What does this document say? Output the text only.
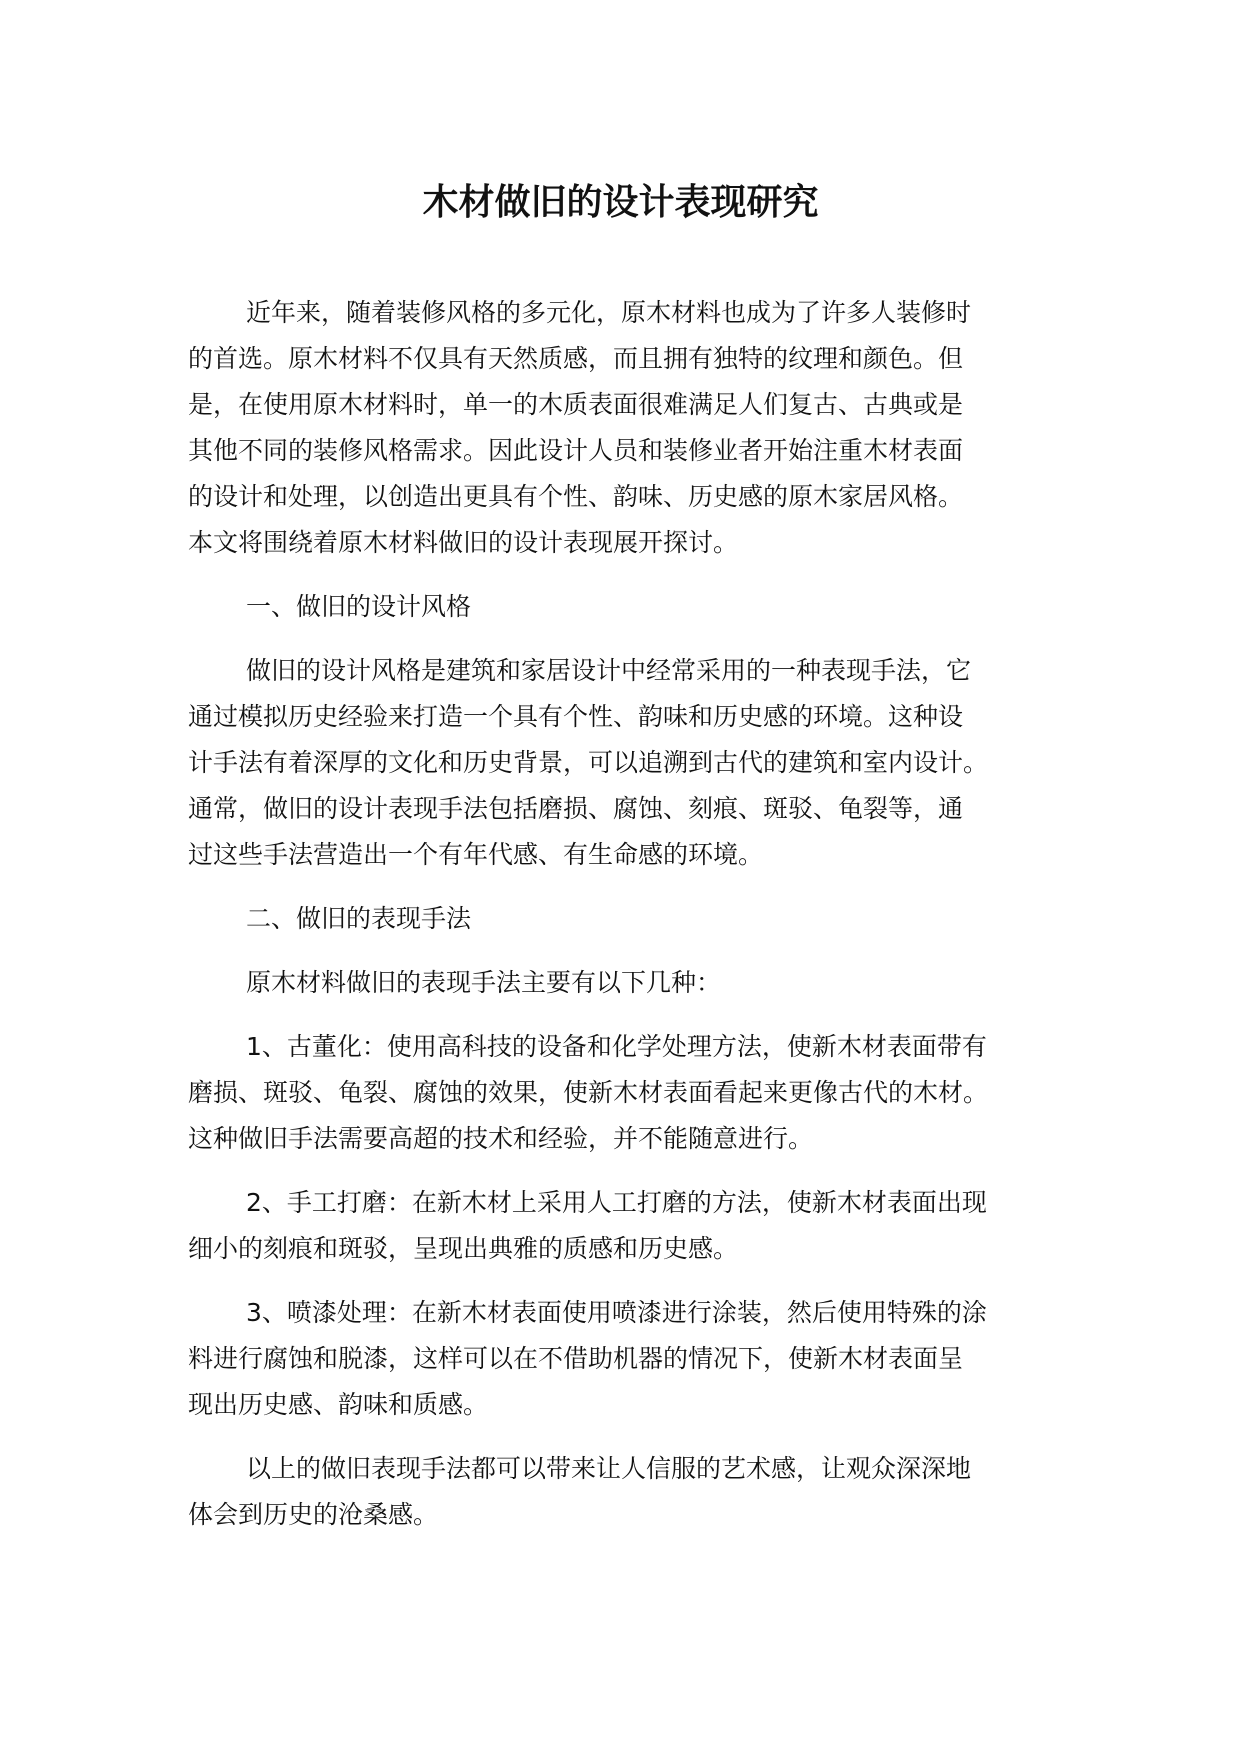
木材做旧的设计表现研究

近年来，随着装修风格的多元化，原木材料也成为了许多人装修时
的首选。原木材料不仅具有天然质感，而且拥有独特的纹理和颜色。但
是，在使用原木材料时，单一的木质表面很难满足人们复古、古典或是
其他不同的装修风格需求。因此设计人员和装修业者开始注重木材表面
的设计和处理，以创造出更具有个性、韵味、历史感的原木家居风格。
本文将围绕着原木材料做旧的设计表现展开探讨。

一、做旧的设计风格

做旧的设计风格是建筑和家居设计中经常采用的一种表现手法，它
通过模拟历史经验来打造一个具有个性、韵味和历史感的环境。这种设
计手法有着深厚的文化和历史背景，可以追溯到古代的建筑和室内设计。
通常，做旧的设计表现手法包括磨损、腐蚀、刻痕、斑驳、龟裂等，通
过这些手法营造出一个有年代感、有生命感的环境。

二、做旧的表现手法

原木材料做旧的表现手法主要有以下几种：

1、古董化：使用高科技的设备和化学处理方法，使新木材表面带有
磨损、斑驳、龟裂、腐蚀的效果，使新木材表面看起来更像古代的木材。
这种做旧手法需要高超的技术和经验，并不能随意进行。

2、手工打磨：在新木材上采用人工打磨的方法，使新木材表面出现
细小的刻痕和斑驳，呈现出典雅的质感和历史感。

3、喷漆处理：在新木材表面使用喷漆进行涂装，然后使用特殊的涂
料进行腐蚀和脱漆，这样可以在不借助机器的情况下，使新木材表面呈
现出历史感、韵味和质感。

以上的做旧表现手法都可以带来让人信服的艺术感，让观众深深地
体会到历史的沧桑感。
